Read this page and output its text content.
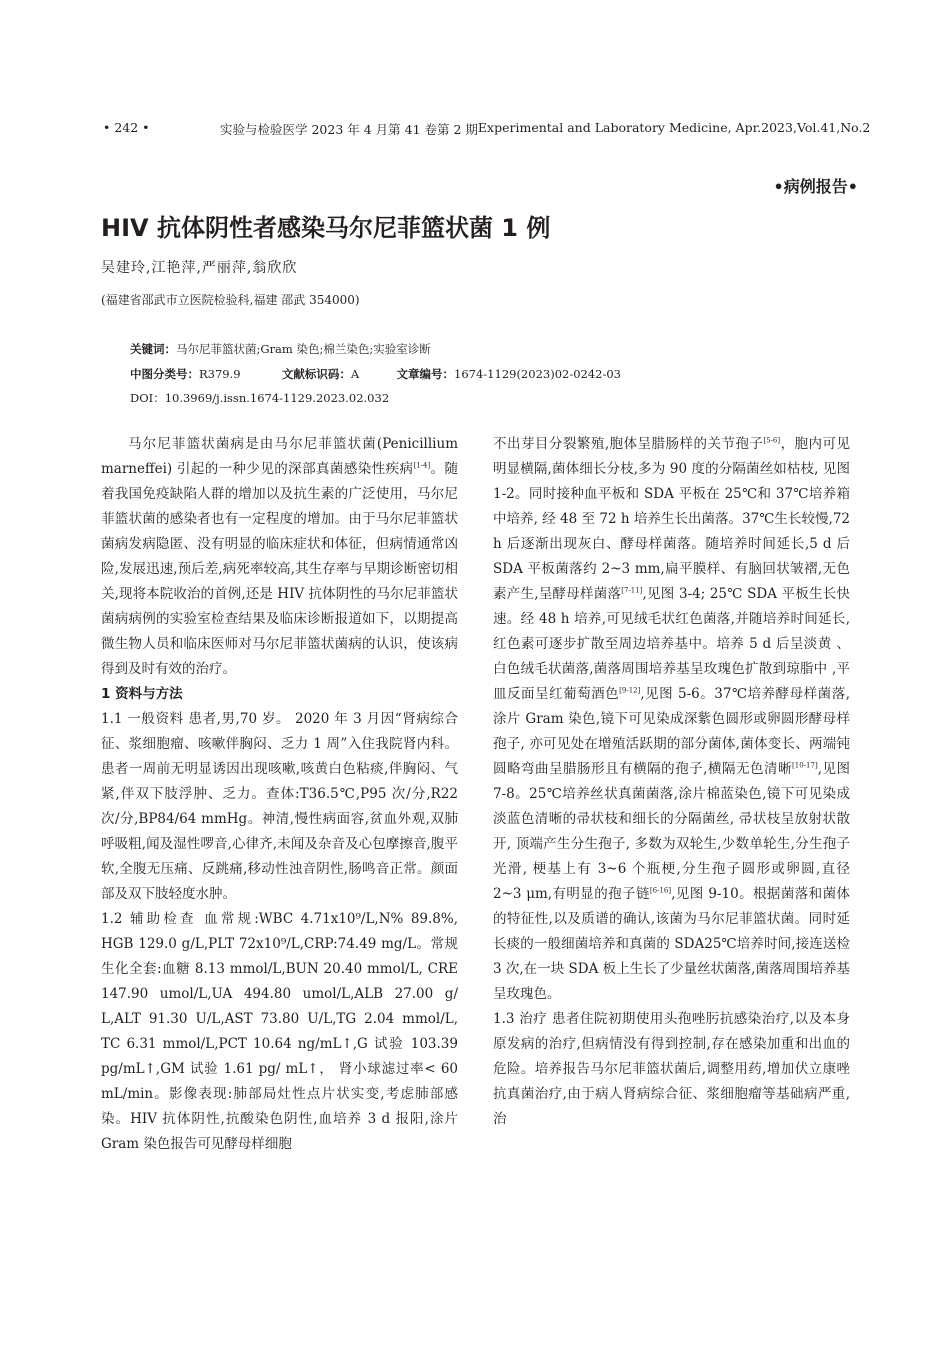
• 242 •	实验与检验医学 2023 年 4 月第 41 卷第 2 期 Experimental and Laboratory Medicine, Apr.2023,Vol.41,No.2
•病例报告•
HIV 抗体阴性者感染马尔尼菲篮状菌 1 例
吴建玲,江艳萍,严丽萍,翁欣欣
(福建省邵武市立医院检验科,福建 邵武 354000)
关键词：马尔尼菲篮状菌;Gram 染色;棉兰染色;实验室诊断
中图分类号：R379.9	文献标识码：A	文章编号：1674-1129(2023)02-0242-03
DOI：10.3969/j.issn.1674-1129.2023.02.032

马尔尼菲篮状菌病是由马尔尼菲篮状菌(Penicillium marneffei) 引起的一种少见的深部真菌感染性疾病[1-4]。随着我国免疫缺陷人群的增加以及抗生素的广泛使用，马尔尼菲篮状菌的感染者也有一定程度的增加。由于马尔尼菲篮状菌病发病隐匿、没有明显的临床症状和体征，但病情通常凶险,发展迅速,预后差,病死率较高,其生存率与早期诊断密切相关,现将本院收治的首例,还是 HIV 抗体阴性的马尔尼菲篮状菌病病例的实验室检查结果及临床诊断报道如下，以期提高微生物人员和临床医师对马尔尼菲篮状菌病的认识，使该病得到及时有效的治疗。

1 资料与方法

1.1 一般资料 患者,男,70 岁。 2020 年 3 月因“肾病综合征、浆细胞瘤、咳嗽伴胸闷、乏力 1 周”入住我院肾内科。患者一周前无明显诱因出现咳嗽,咳黄白色粘痰,伴胸闷、气紧,伴双下肢浮肿、乏力。查体:T36.5℃,P95 次/分,R22 次/分,BP84/64 mmHg。神清,慢性病面容,贫血外观,双肺呼吸粗,闻及湿性啰音,心律齐,未闻及杂音及心包摩擦音,腹平软,全腹无压痛、反跳痛,移动性浊音阴性,肠鸣音正常。颜面部及双下肢轻度水肿。

1.2 辅助检查 血常规:WBC 4.71x10⁹/L,N% 89.8%, HGB 129.0 g/L,PLT 72x10⁹/L,CRP:74.49 mg/L。常规生化全套:血糖 8.13 mmol/L,BUN 20.40 mmol/L, CRE 147.90 umol/L,UA 494.80 umol/L,ALB 27.00 g/ L,ALT 91.30 U/L,AST 73.80 U/L,TG 2.04 mmol/L, TC 6.31 mmol/L,PCT 10.64 ng/mL↑,G 试验 103.39 pg/mL↑,GM 试验 1.61 pg/ mL↑， 肾小球滤过率< 60 mL/min。影像表现:肺部局灶性点片状实变,考虑肺部感染。HIV 抗体阴性,抗酸染色阴性,血培养 3 d 报阳,涂片 Gram 染色报告可见酵母样细胞

不出芽目分裂繁殖,胞体呈腊肠样的关节孢子[5-6]，胞内可见明显横隔,菌体细长分枝,多为 90 度的分隔菌丝如枯枝, 见图 1-2。同时接种血平板和 SDA 平板在 25℃和 37℃培养箱中培养, 经 48 至 72 h 培养生长出菌落。37℃生长较慢,72 h 后逐渐出现灰白、酵母样菌落。随培养时间延长,5 d 后 SDA 平板菌落约 2~3 mm,扁平膜样、有脑回状皱褶,无色素产生,呈酵母样菌落[7-11],见图 3-4; 25℃ SDA 平板生长快速。经 48 h 培养,可见绒毛状红色菌落,并随培养时间延长, 红色素可逐步扩散至周边培养基中。培养 5 d 后呈淡黄 、白色绒毛状菌落,菌落周围培养基呈玫瑰色扩散到琼脂中 ,平皿反面呈红葡萄酒色[9-12],见图 5-6。37℃培养酵母样菌落,涂片 Gram 染色,镜下可见染成深紫色圆形或卵圆形酵母样孢子, 亦可见处在增殖活跃期的部分菌体,菌体变长、两端钝圆略弯曲呈腊肠形且有横隔的孢子,横隔无色清晰[10-17],见图 7-8。25℃培养丝状真菌菌落,涂片棉蓝染色,镜下可见染成淡蓝色清晰的帚状枝和细长的分隔菌丝, 帚状枝呈放射状散开, 顶端产生分生孢子, 多数为双轮生,少数单轮生,分生孢子光滑, 梗基上有 3~6 个瓶梗,分生孢子圆形或卵圆,直径 2~3 μm,有明显的孢子链[6-16],见图 9-10。根据菌落和菌体的特征性,以及质谱的确认,该菌为马尔尼菲篮状菌。同时延长痰的一般细菌培养和真菌的 SDA25℃培养时间,接连送检 3 次,在一块 SDA 板上生长了少量丝状菌落,菌落周围培养基呈玫瑰色。

1.3 治疗 患者住院初期使用头孢唑肟抗感染治疗,以及本身原发病的治疗,但病情没有得到控制,存在感染加重和出血的危险。培养报告马尔尼菲篮状菌后,调整用药,增加伏立康唑抗真菌治疗,由于病人肾病综合征、浆细胞瘤等基础病严重,治
